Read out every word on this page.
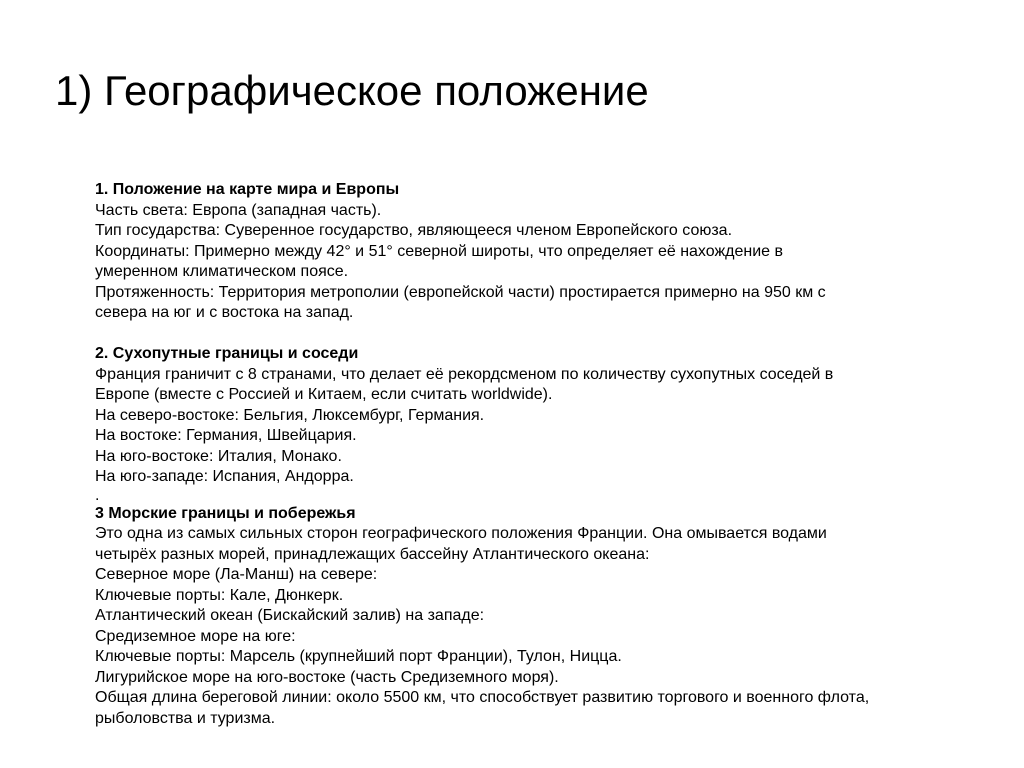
1) Географическое положение
1. Положение на карте мира и Европы
Часть света: Европа (западная часть).
Тип государства: Суверенное государство, являющееся членом Европейского союза.
Координаты: Примерно между 42° и 51° северной широты, что определяет её нахождение в
умеренном климатическом поясе.
Протяженность: Территория метрополии (европейской части) простирается примерно на 950 км с
севера на юг и с востока на запад.
2. Сухопутные границы и соседи
Франция граничит с 8 странами, что делает её рекордсменом по количеству сухопутных соседей в
Европе (вместе с Россией и Китаем, если считать worldwide).
На северо-востоке: Бельгия, Люксембург, Германия.
На востоке: Германия, Швейцария.
На юго-востоке: Италия, Монако.
На юго-западе: Испания, Андорра.
.
3 Морские границы и побережья
Это одна из самых сильных сторон географического положения Франции. Она омывается водами
четырёх разных морей, принадлежащих бассейну Атлантического океана:
Северное море (Ла-Манш) на севере:
Ключевые порты: Кале, Дюнкерк.
Атлантический океан (Бискайский залив) на западе:
Средиземное море на юге:
Ключевые порты: Марсель (крупнейший порт Франции), Тулон, Ницца.
Лигурийское море на юго-востоке (часть Средиземного моря).
Общая длина береговой линии: около 5500 км, что способствует развитию торгового и военного флота,
рыболовства и туризма.
